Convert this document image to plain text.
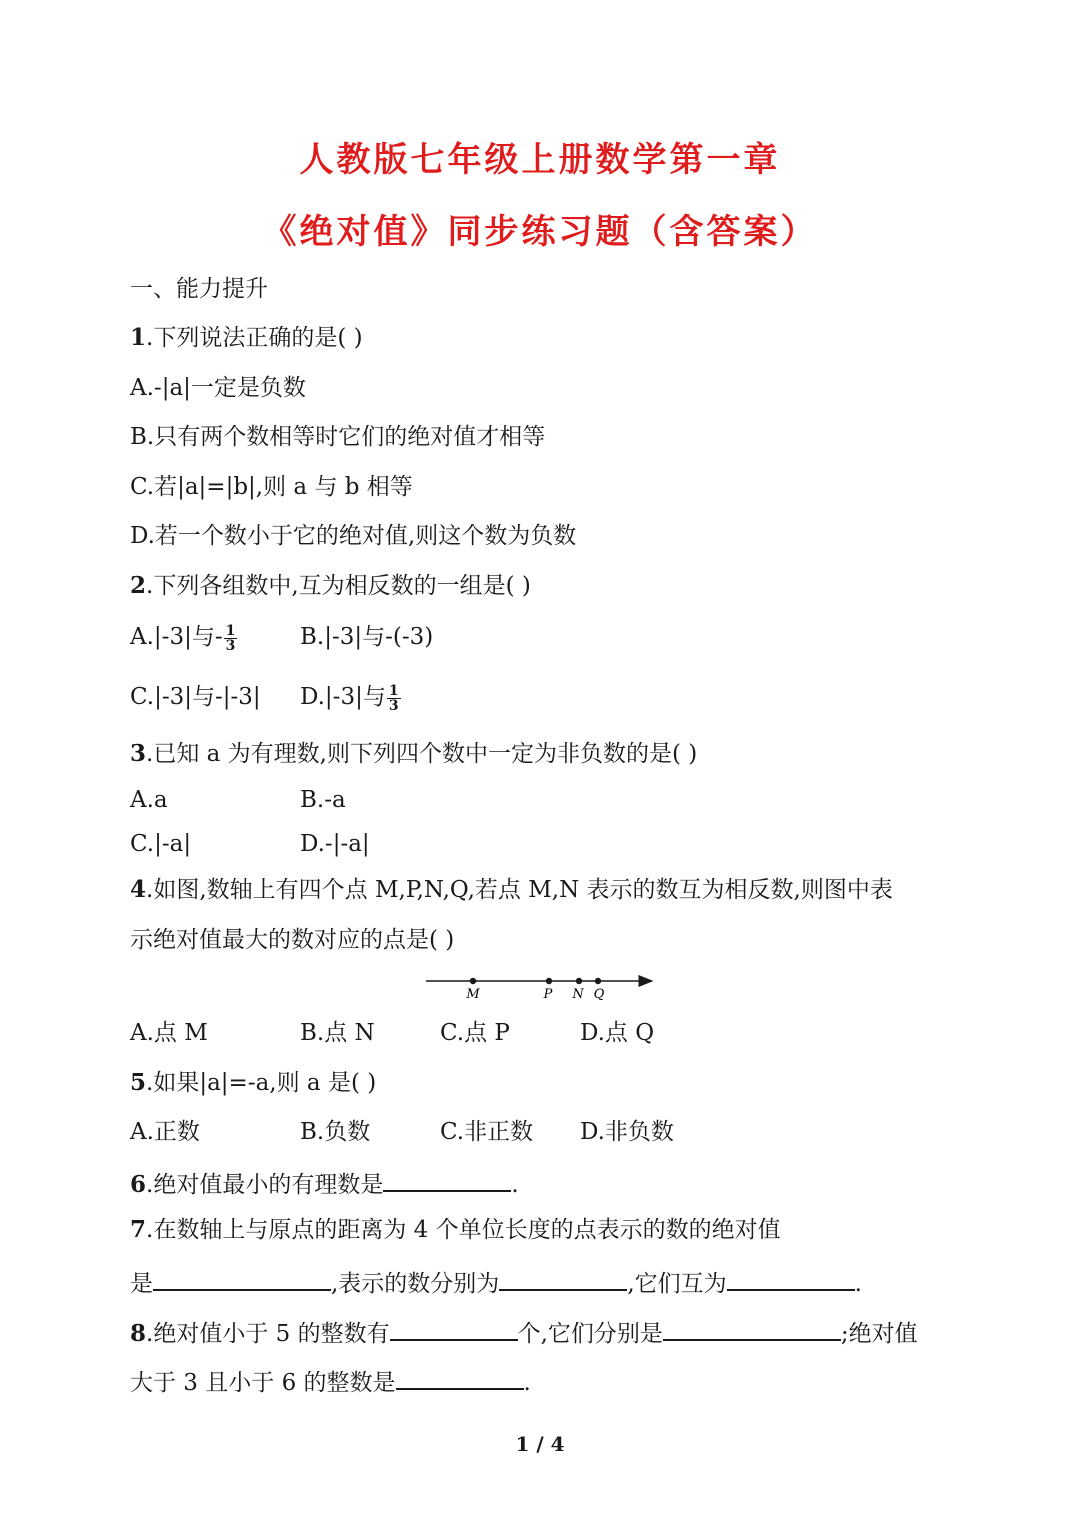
人教版七年级上册数学第一章
《绝对值》同步练习题（含答案）
一、能力提升
1.下列说法正确的是( )
A.-|a|一定是负数
B.只有两个数相等时它们的绝对值才相等
C.若|a|=|b|,则 a 与 b 相等
D.若一个数小于它的绝对值,则这个数为负数
2.下列各组数中,互为相反数的一组是( )
A.|-3|与- $\frac{1}{3}$	B.|-3|与-(-3)
C.|-3|与-|-3| D.|-3|与 $\frac{1}{3}$
3.已知 a 为有理数,则下列四个数中一定为非负数的是( )
A.a	B.-a
C.|-a|	D.-|-a|
4.如图,数轴上有四个点 M,P,N,Q,若点 M,N 表示的数互为相反数,则图中表
示绝对值最大的数对应的点是( )
M	P N Q
A.点 M	B.点 N	C.点 P	D.点 Q
5.如果|a|=-a,则 a 是( )
A.正数	B.负数	C.非正数 D.非负数
6.绝对值最小的有理数是	.
7.在数轴上与原点的距离为 4 个单位长度的点表示的数的绝对值
是	,表示的数分别为	,它们互为	.
8.绝对值小于 5 的整数有	个,它们分别是	;绝对值
大于 3 且小于 6 的整数是	.
1 / 4
